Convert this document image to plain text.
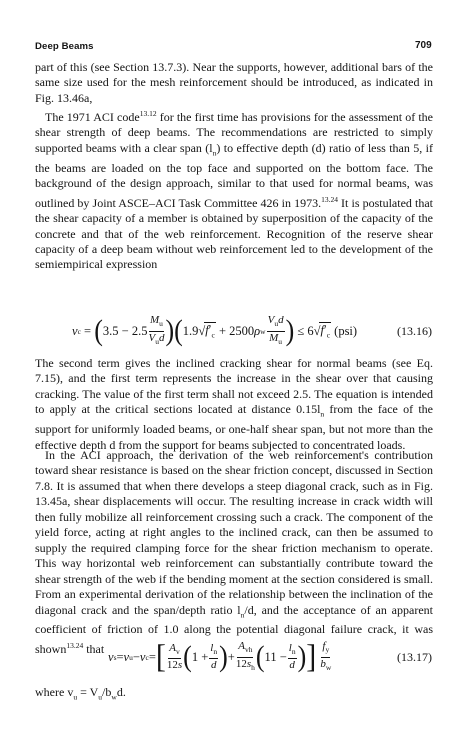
Deep Beams	709

part of this (see Section 13.7.3). Near the supports, however, additional bars of the same size used for the mesh reinforcement should be introduced, as indicated in Fig. 13.46a,

The 1971 ACI code$^{13.12}$ for the first time has provisions for the assessment of the shear strength of deep beams. The recommendations are restricted to simply supported beams with a clear span $(l_n)$ to effective depth (d) ratio of less than 5, if the beams are loaded on the top face and supported on the bottom face. The background of the design approach, similar to that used for normal beams, was outlined by Joint ASCE–ACI Task Committee 426 in 1973.$^{13.24}$ It is postulated that the shear capacity of a member is obtained by superposition of the capacity of the concrete and that of the web reinforcement. Recognition of the reserve shear capacity of a deep beam without web reinforcement led to the development of the semiempirical expression

v c = ( $3.5 - 2.5 \frac{M_u}{V_ud}$ ) ( 1.9√ $f'_c + 2500$ ρ w $\frac{V_ud}{M_u}$ ) ≤ 6√ $f'_c$ (psi)	(13.16)

The second term gives the inclined cracking shear for normal beams (see Eq. 7.15), and the first term represents the increase in the shear over that causing cracking. The value of the first term shall not exceed 2.5. The equation is intended to apply at the critical sections located at distance $0.15l_n$ from the face of the support for uniformly loaded beams, or one-half shear span, but not more than the effective depth d from the support for beams subjected to concentrated loads.

In the ACI approach, the derivation of the web reinforcement's contribution toward shear resistance is based on the shear friction concept, discussed in Section 7.8. It is assumed that when there develops a steep diagonal crack, such as in Fig. 13.45a, shear displacements will occur. The resulting increase in crack width will then fully mobilize all reinforcement crossing such a crack. The component of the yield force, acting at right angles to the inclined crack, can then be assumed to supply the required clamping force for the shear friction mechanism to operate. This way horizontal web reinforcement can substantially contribute toward the shear strength of the web if the bending moment at the section considered is small. From an experimental derivation of the relationship between the inclination of the diagonal crack and the span/depth ratio $l_n/d$, and the acceptance of an apparent coefficient of friction of 1.0 along the potential diagonal failure crack, it was shown$^{13.24}$ that

v s = v u − v c = [ $\frac{A_v}{12s}$ ( $1 + \frac{l_n}{d}$ ) + $\frac{A_{vh}}{12s_h}$ ( $11 - \frac{l_n}{d}$ ) ]
$\frac{f_y}{b_w}$	(13.17)
where $v_u = V_u/b_wd$.
